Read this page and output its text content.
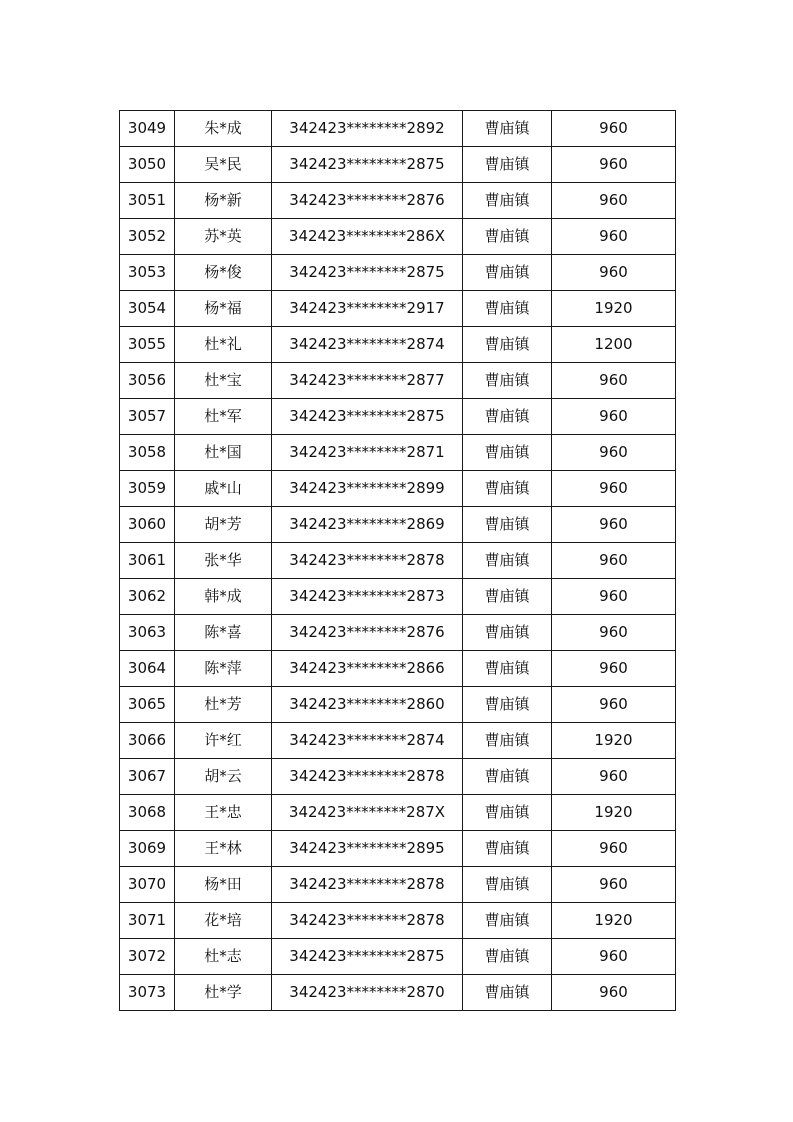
3049	朱*成	342423********2892	曹庙镇	960
3050	吴*民	342423********2875	曹庙镇	960
3051	杨*新	342423********2876	曹庙镇	960
3052	苏*英	342423********286X	曹庙镇	960
3053	杨*俊	342423********2875	曹庙镇	960
3054	杨*福	342423********2917	曹庙镇	1920
3055	杜*礼	342423********2874	曹庙镇	1200
3056	杜*宝	342423********2877	曹庙镇	960
3057	杜*军	342423********2875	曹庙镇	960
3058	杜*国	342423********2871	曹庙镇	960
3059	戚*山	342423********2899	曹庙镇	960
3060	胡*芳	342423********2869	曹庙镇	960
3061	张*华	342423********2878	曹庙镇	960
3062	韩*成	342423********2873	曹庙镇	960
3063	陈*喜	342423********2876	曹庙镇	960
3064	陈*萍	342423********2866	曹庙镇	960
3065	杜*芳	342423********2860	曹庙镇	960
3066	许*红	342423********2874	曹庙镇	1920
3067	胡*云	342423********2878	曹庙镇	960
3068	王*忠	342423********287X	曹庙镇	1920
3069	王*林	342423********2895	曹庙镇	960
3070	杨*田	342423********2878	曹庙镇	960
3071	花*培	342423********2878	曹庙镇	1920
3072	杜*志	342423********2875	曹庙镇	960
3073	杜*学	342423********2870	曹庙镇	960
